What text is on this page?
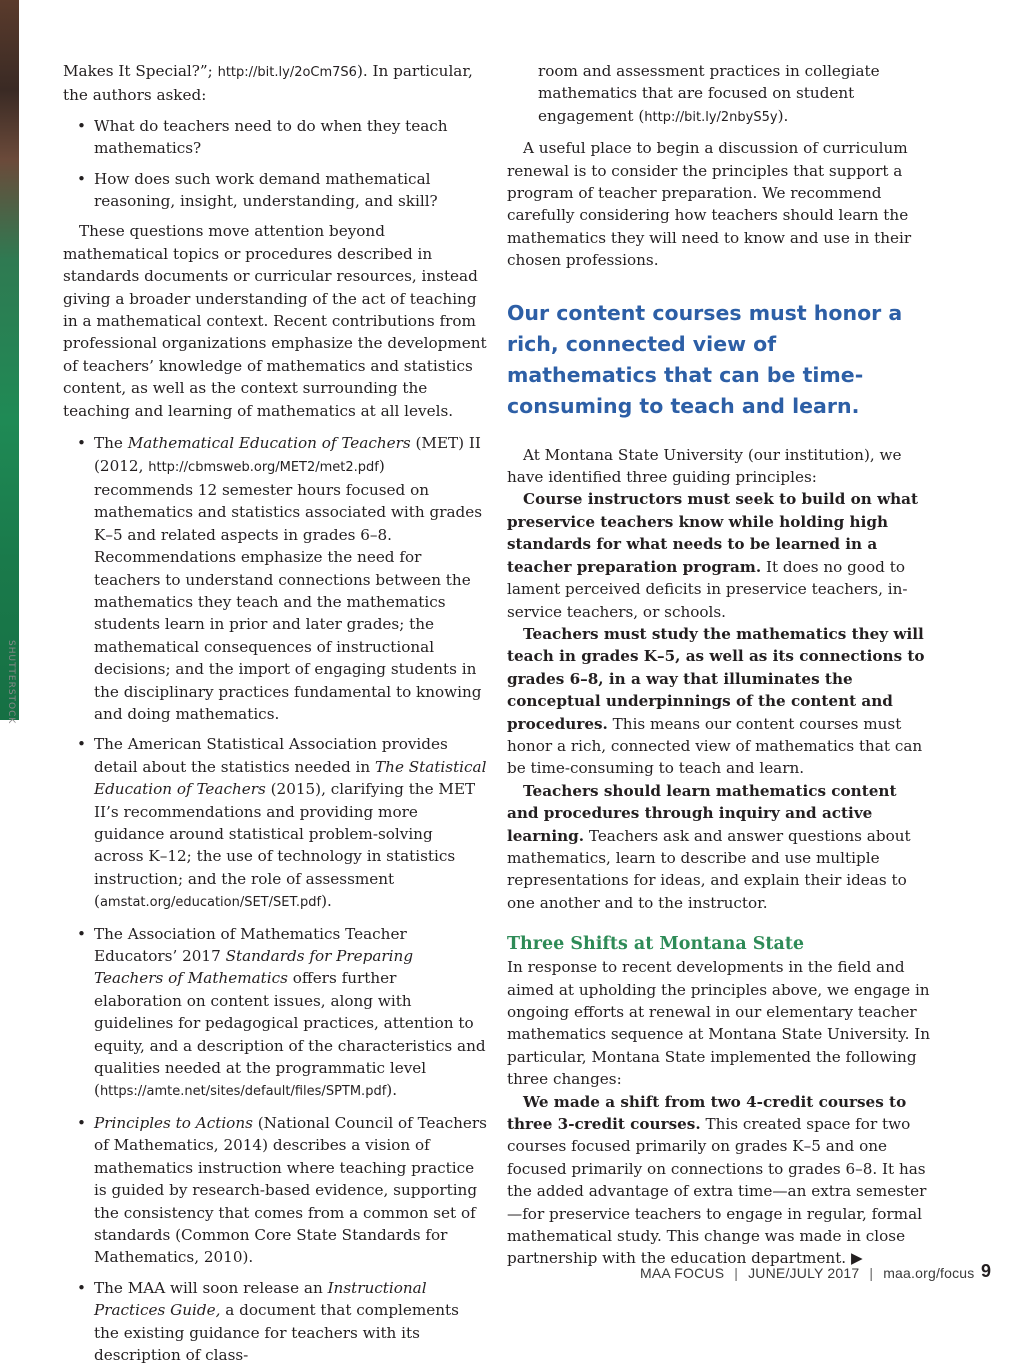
SHUTTERSTOCK

Makes It Special?”; http://bit.ly/2oCm7S6). In particular, the authors asked:

• What do teachers need to do when they teach mathematics?
• How does such work demand mathematical reasoning, insight, understanding, and skill?

These questions move attention beyond mathematical topics or procedures described in standards documents or curricular resources, instead giving a broader understanding of the act of teaching in a mathematical context. Recent contributions from professional organizations emphasize the development of teachers’ knowledge of mathematics and statistics content, as well as the context surrounding the teaching and learning of mathematics at all levels.

• The Mathematical Education of Teachers (MET) II (2012, http://cbmsweb.org/MET2/met2.pdf) recommends 12 semester hours focused on mathematics and statistics associated with grades K–5 and related aspects in grades 6–8. Recommendations emphasize the need for teachers to understand connections between the mathematics they teach and the mathematics students learn in prior and later grades; the mathematical consequences of instructional decisions; and the import of engaging students in the disciplinary practices fundamental to knowing and doing mathematics.
• The American Statistical Association provides detail about the statistics needed in The Statistical Education of Teachers (2015), clarifying the MET II’s recommendations and providing more guidance around statistical problem-solving across K–12; the use of technology in statistics instruction; and the role of assessment (amstat.org/education/SET/SET.pdf).
• The Association of Mathematics Teacher Educators’ 2017 Standards for Preparing Teachers of Mathematics offers further elaboration on content issues, along with guidelines for pedagogical practices, attention to equity, and a description of the characteristics and qualities needed at the programmatic level (https://amte.net/sites/default/files/SPTM.pdf).
• Principles to Actions (National Council of Teachers of Mathematics, 2014) describes a vision of mathematics instruction where teaching practice is guided by research-based evidence, supporting the consistency that comes from a common set of standards (Common Core State Standards for Mathematics, 2010).
• The MAA will soon release an Instructional Practices Guide, a document that complements the existing guidance for teachers with its description of class-

room and assessment practices in collegiate mathematics that are focused on student engagement (http://bit.ly/2nbyS5y).

A useful place to begin a discussion of curriculum renewal is to consider the principles that support a program of teacher preparation. We recommend carefully considering how teachers should learn the mathematics they will need to know and use in their chosen professions.

Our content courses must honor a rich, connected view of mathematics that can be time-consuming to teach and learn.

At Montana State University (our institution), we have identified three guiding principles:

Course instructors must seek to build on what preservice teachers know while holding high standards for what needs to be learned in a teacher preparation program. It does no good to lament perceived deficits in preservice teachers, in-service teachers, or schools.

Teachers must study the mathematics they will teach in grades K–5, as well as its connections to grades 6–8, in a way that illuminates the conceptual underpinnings of the content and procedures. This means our content courses must honor a rich, connected view of mathematics that can be time-consuming to teach and learn.

Teachers should learn mathematics content and procedures through inquiry and active learning. Teachers ask and answer questions about mathematics, learn to describe and use multiple representations for ideas, and explain their ideas to one another and to the instructor.

Three Shifts at Montana State

In response to recent developments in the field and aimed at upholding the principles above, we engage in ongoing efforts at renewal in our elementary teacher mathematics sequence at Montana State University. In particular, Montana State implemented the following three changes:

We made a shift from two 4-credit courses to three 3-credit courses. This created space for two courses focused primarily on grades K–5 and one focused primarily on connections to grades 6–8. It has the added advantage of extra time—an extra semester—for preservice teachers to engage in regular, formal mathematical study. This change was made in close partnership with the education department. ▶

MAA FOCUS | JUNE/JULY 2017 | maa.org/focus 9
